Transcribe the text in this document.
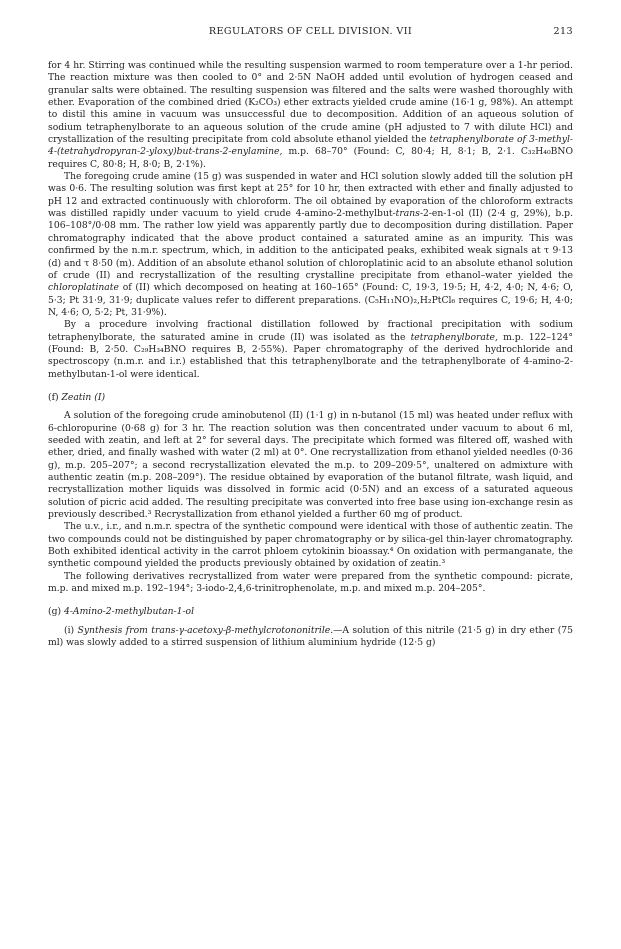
REGULATORS OF CELL DIVISION. VII	213

for 4 hr. Stirring was continued while the resulting suspension warmed to room temperature over a 1-hr period. The reaction mixture was then cooled to 0° and 2·5N NaOH added until evolution of hydrogen ceased and granular salts were obtained. The resulting suspension was filtered and the salts were washed thoroughly with ether. Evaporation of the combined dried (K₂CO₃) ether extracts yielded crude amine (16·1 g, 98%). An attempt to distil this amine in vacuum was unsuccessful due to decomposition. Addition of an aqueous solution of sodium tetraphenylborate to an aqueous solution of the crude amine (pH adjusted to 7 with dilute HCl) and crystallization of the resulting precipitate from cold absolute ethanol yielded the tetraphenylborate of 3-methyl-4-(tetrahydropyran-2-yloxy)but-trans-2-enylamine, m.p. 68–70° (Found: C, 80·4; H, 8·1; B, 2·1. C₃₂H₄₀BNO requires C, 80·8; H, 8·0; B, 2·1%).

The foregoing crude amine (15 g) was suspended in water and HCl solution slowly added till the solution pH was 0·6. The resulting solution was first kept at 25° for 10 hr, then extracted with ether and finally adjusted to pH 12 and extracted continuously with chloroform. The oil obtained by evaporation of the chloroform extracts was distilled rapidly under vacuum to yield crude 4-amino-2-methylbut-trans-2-en-1-ol (II) (2·4 g, 29%), b.p. 106–108°/0·08 mm. The rather low yield was apparently partly due to decomposition during distillation. Paper chromatography indicated that the above product contained a saturated amine as an impurity. This was confirmed by the n.m.r. spectrum, which, in addition to the anticipated peaks, exhibited weak signals at τ 9·13 (d) and τ 8·50 (m). Addition of an absolute ethanol solution of chloroplatinic acid to an absolute ethanol solution of crude (II) and recrystallization of the resulting crystalline precipitate from ethanol–water yielded the chloroplatinate of (II) which decomposed on heating at 160–165° (Found: C, 19·3, 19·5; H, 4·2, 4·0; N, 4·6; O, 5·3; Pt 31·9, 31·9; duplicate values refer to different preparations. (C₅H₁₁NO)₂,H₂PtCl₆ requires C, 19·6; H, 4·0; N, 4·6; O, 5·2; Pt, 31·9%).

By a procedure involving fractional distillation followed by fractional precipitation with sodium tetraphenylborate, the saturated amine in crude (II) was isolated as the tetraphenylborate, m.p. 122–124° (Found: B, 2·50. C₂₉H₃₄BNO requires B, 2·55%). Paper chromatography of the derived hydrochloride and spectroscopy (n.m.r. and i.r.) established that this tetraphenylborate and the tetraphenylborate of 4-amino-2-methylbutan-1-ol were identical.

(f) Zeatin (I)

A solution of the foregoing crude aminobutenol (II) (1·1 g) in n-butanol (15 ml) was heated under reflux with 6-chloropurine (0·68 g) for 3 hr. The reaction solution was then concentrated under vacuum to about 6 ml, seeded with zeatin, and left at 2° for several days. The precipitate which formed was filtered off, washed with ether, dried, and finally washed with water (2 ml) at 0°. One recrystallization from ethanol yielded needles (0·36 g), m.p. 205–207°; a second recrystallization elevated the m.p. to 209–209·5°, unaltered on admixture with authentic zeatin (m.p. 208–209°). The residue obtained by evaporation of the butanol filtrate, wash liquid, and recrystallization mother liquids was dissolved in formic acid (0·5N) and an excess of a saturated aqueous solution of picric acid added. The resulting precipitate was converted into free base using ion-exchange resin as previously described.³ Recrystallization from ethanol yielded a further 60 mg of product.

The u.v., i.r., and n.m.r. spectra of the synthetic compound were identical with those of authentic zeatin. The two compounds could not be distinguished by paper chromatography or by silica-gel thin-layer chromatography. Both exhibited identical activity in the carrot phloem cytokinin bioassay.⁴ On oxidation with permanganate, the synthetic compound yielded the products previously obtained by oxidation of zeatin.³

The following derivatives recrystallized from water were prepared from the synthetic compound: picrate, m.p. and mixed m.p. 192–194°; 3-iodo-2,4,6-trinitrophenolate, m.p. and mixed m.p. 204–205°.

(g) 4-Amino-2-methylbutan-1-ol

(i) Synthesis from trans-γ-acetoxy-β-methylcrotononitrile.—A solution of this nitrile (21·5 g) in dry ether (75 ml) was slowly added to a stirred suspension of lithium aluminium hydride (12·5 g)
